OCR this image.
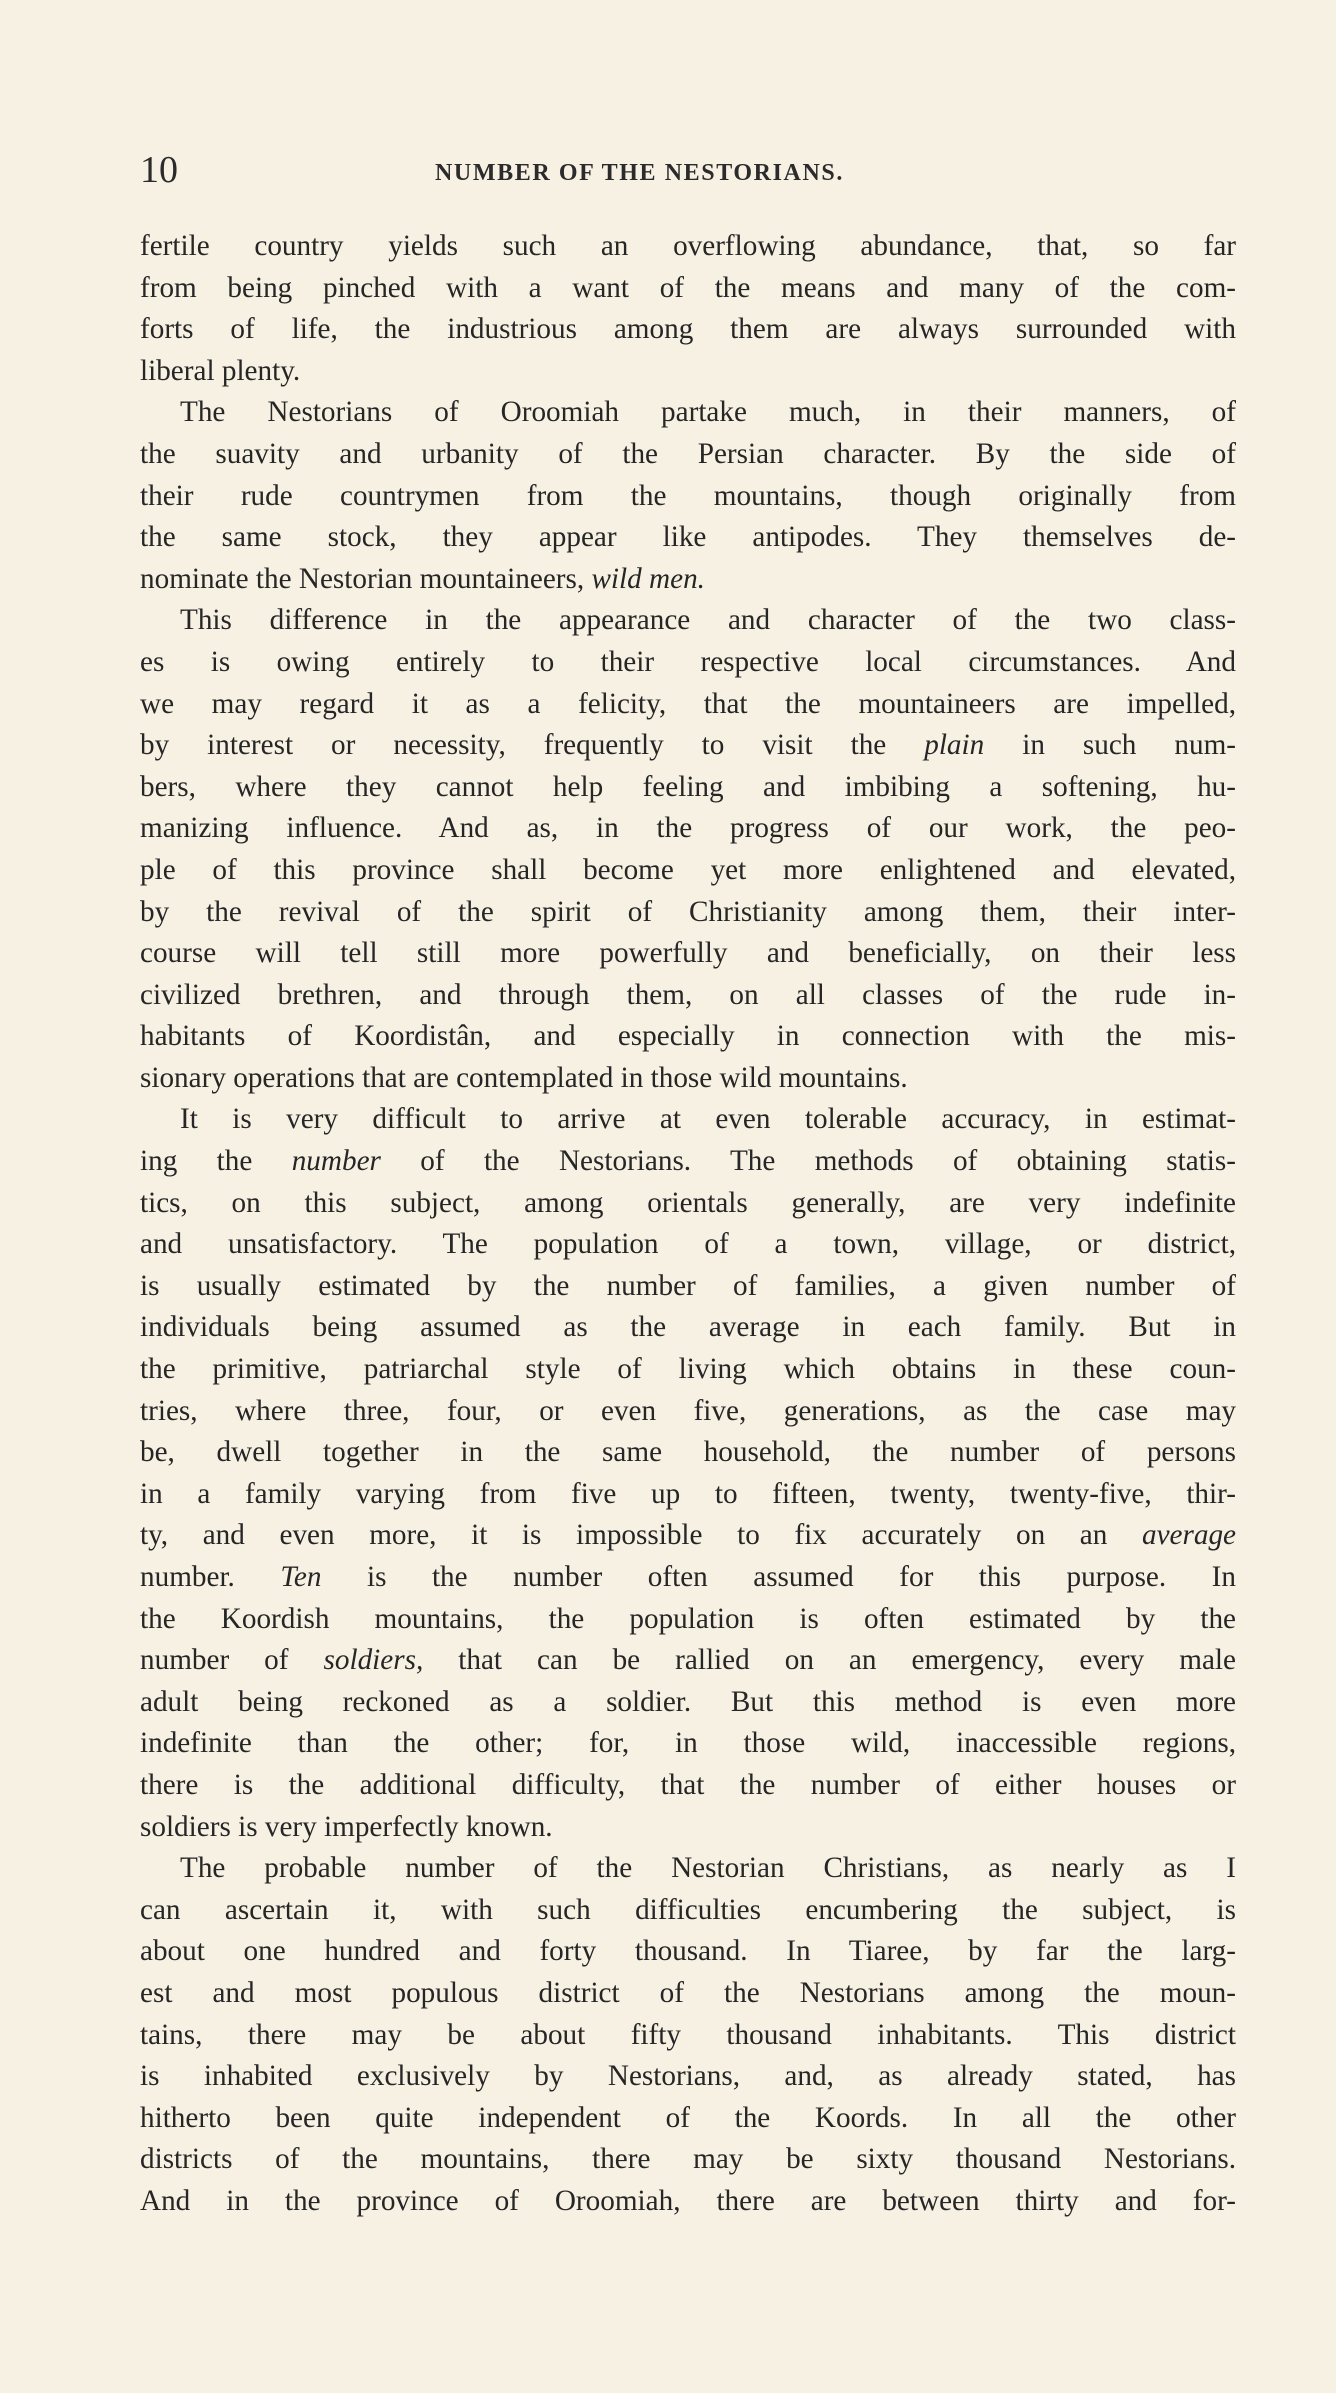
10	NUMBER OF THE NESTORIANS.
fertile country yields such an overflowing abundance, that, so far
from being pinched with a want of the means and many of the com-
forts of life, the industrious among them are always surrounded with
liberal plenty.
The Nestorians of Oroomiah partake much, in their manners, of
the suavity and urbanity of the Persian character. By the side of
their rude countrymen from the mountains, though originally from
the same stock, they appear like antipodes. They themselves de-
nominate the Nestorian mountaineers, wild men.
This difference in the appearance and character of the two class-
es is owing entirely to their respective local circumstances. And
we may regard it as a felicity, that the mountaineers are impelled,
by interest or necessity, frequently to visit the plain in such num-
bers, where they cannot help feeling and imbibing a softening, hu-
manizing influence. And as, in the progress of our work, the peo-
ple of this province shall become yet more enlightened and elevated,
by the revival of the spirit of Christianity among them, their inter-
course will tell still more powerfully and beneficially, on their less
civilized brethren, and through them, on all classes of the rude in-
habitants of Koordistân, and especially in connection with the mis-
sionary operations that are contemplated in those wild mountains.
It is very difficult to arrive at even tolerable accuracy, in estimat-
ing the number of the Nestorians. The methods of obtaining statis-
tics, on this subject, among orientals generally, are very indefinite
and unsatisfactory. The population of a town, village, or district,
is usually estimated by the number of families, a given number of
individuals being assumed as the average in each family. But in
the primitive, patriarchal style of living which obtains in these coun-
tries, where three, four, or even five, generations, as the case may
be, dwell together in the same household, the number of persons
in a family varying from five up to fifteen, twenty, twenty-five, thir-
ty, and even more, it is impossible to fix accurately on an average
number. Ten is the number often assumed for this purpose. In
the Koordish mountains, the population is often estimated by the
number of soldiers, that can be rallied on an emergency, every male
adult being reckoned as a soldier. But this method is even more
indefinite than the other; for, in those wild, inaccessible regions,
there is the additional difficulty, that the number of either houses or
soldiers is very imperfectly known.
The probable number of the Nestorian Christians, as nearly as I
can ascertain it, with such difficulties encumbering the subject, is
about one hundred and forty thousand. In Tiaree, by far the larg-
est and most populous district of the Nestorians among the moun-
tains, there may be about fifty thousand inhabitants. This district
is inhabited exclusively by Nestorians, and, as already stated, has
hitherto been quite independent of the Koords. In all the other
districts of the mountains, there may be sixty thousand Nestorians.
And in the province of Oroomiah, there are between thirty and for-
